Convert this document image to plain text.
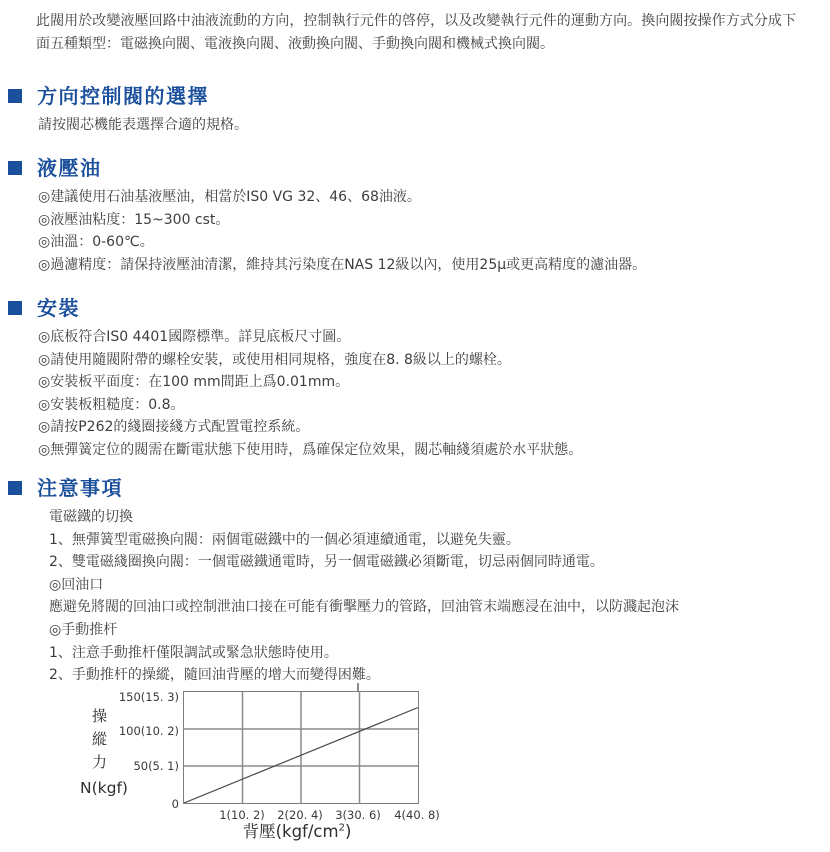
此閥用於改變液壓回路中油液流動的方向，控制執行元件的啓停，以及改變執行元件的運動方向。換向閥按操作方式分成下面五種類型：電磁換向閥、電液換向閥、液動換向閥、手動換向閥和機械式換向閥。

方向控制閥的選擇
請按閥芯機能表選擇合適的規格。
液壓油
◎建議使用石油基液壓油，相當於IS0 VG 32、46、68油液。
◎液壓油粘度：15~300 cst。
◎油溫：0-60℃。
◎過濾精度：請保持液壓油清潔，維持其污染度在NAS 12級以內，使用25μ或更高精度的濾油器。
安裝
◎底板符合IS0 4401國際標準。詳見底板尺寸圖。
◎請使用隨閥附帶的螺栓安裝，或使用相同規格，強度在8. 8級以上的螺栓。
◎安裝板平面度：在100 mm間距上爲0.01mm。
◎安裝板粗糙度：0.8。
◎請按P262的綫圈接綫方式配置電控系統。
◎無彈簧定位的閥需在斷電狀態下使用時，爲確保定位效果，閥芯軸綫須處於水平狀態。
注意事項
電磁鐵的切換
1、無彈簧型電磁換向閥：兩個電磁鐵中的一個必須連續通電，以避免失靈。
2、雙電磁綫圈換向閥：一個電磁鐵通電時，另一個電磁鐵必須斷電，切忌兩個同時通電。
◎回油口
應避免將閥的回油口或控制泄油口接在可能有衝擊壓力的管路，回油管末端應浸在油中，以防濺起泡沫
◎手動推杆
1、注意手動推杆僅限調試或緊急狀態時使用。
2、手動推杆的操縱，隨回油背壓的增大而變得困難。
操
縱
力
N(kgf)
150(15. 3)
100(10. 2)
50(5. 1)
0
1(10. 2)	2(20. 4)	3(30. 6)	4(40. 8)
背壓$(kgf/cm^2)$
